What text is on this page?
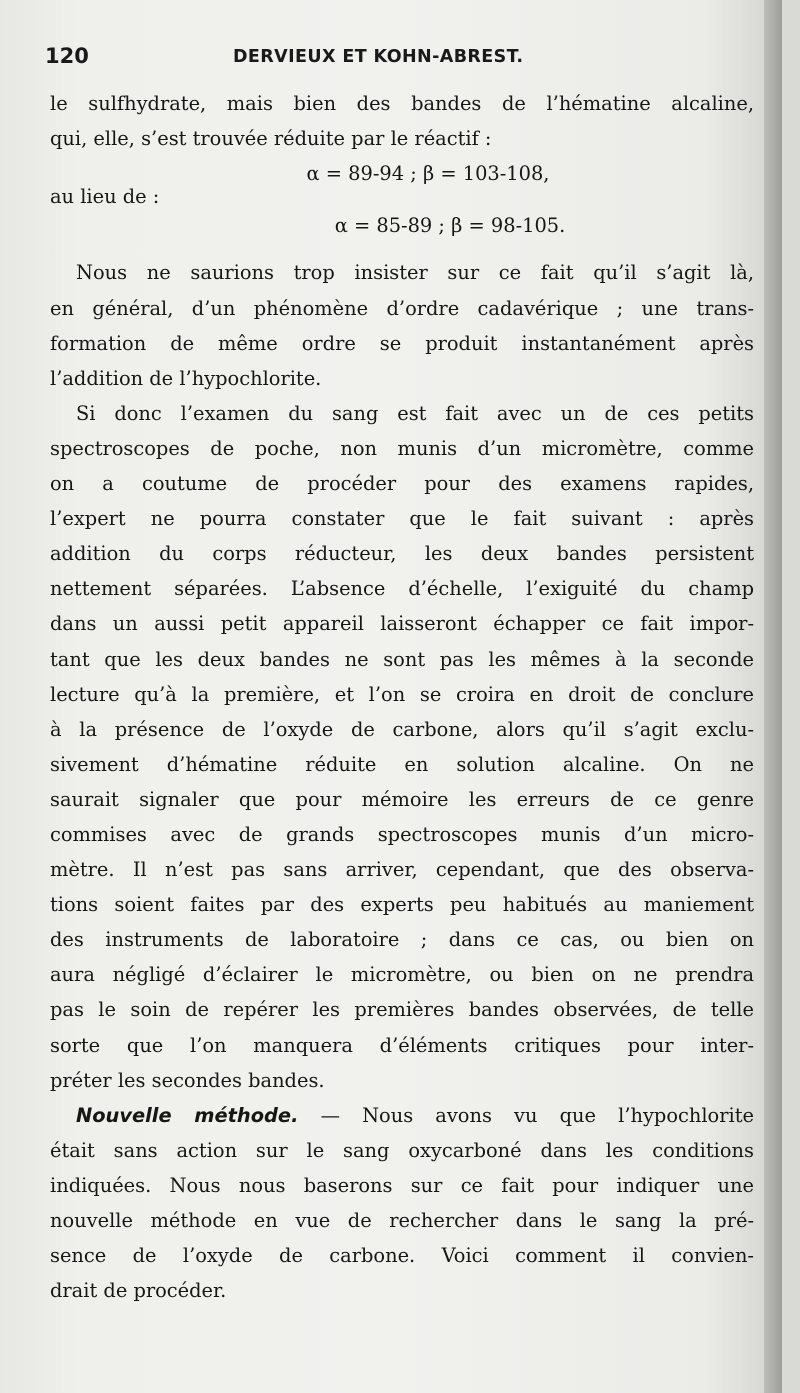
120	DERVIEUX ET KOHN-ABREST.
le sulfhydrate, mais bien des bandes de l’hématine alcaline,
qui, elle, s’est trouvée réduite par le réactif :
α = 89-94 ; β = 103-108,
au lieu de :
α = 85-89 ; β = 98-105.
Nous ne saurions trop insister sur ce fait qu’il s’agit là,
en général, d’un phénomène d’ordre cadavérique ; une trans-
formation de même ordre se produit instantanément après
l’addition de l’hypochlorite.
Si donc l’examen du sang est fait avec un de ces petits
spectroscopes de poche, non munis d’un micromètre, comme
on a coutume de procéder pour des examens rapides,
l’expert ne pourra constater que le fait suivant : après
addition du corps réducteur, les deux bandes persistent
nettement séparées. L’absence d’échelle, l’exiguité du champ
dans un aussi petit appareil laisseront échapper ce fait impor-
tant que les deux bandes ne sont pas les mêmes à la seconde
lecture qu’à la première, et l’on se croira en droit de conclure
à la présence de l’oxyde de carbone, alors qu’il s’agit exclu-
sivement d’hématine réduite en solution alcaline. On ne
saurait signaler que pour mémoire les erreurs de ce genre
commises avec de grands spectroscopes munis d’un micro-
mètre. Il n’est pas sans arriver, cependant, que des observa-
tions soient faites par des experts peu habitués au maniement
des instruments de laboratoire ; dans ce cas, ou bien on
aura négligé d’éclairer le micromètre, ou bien on ne prendra
pas le soin de repérer les premières bandes observées, de telle
sorte que l’on manquera d’éléments critiques pour inter-
préter les secondes bandes.
Nouvelle méthode. — Nous avons vu que l’hypochlorite
était sans action sur le sang oxycarboné dans les conditions
indiquées. Nous nous baserons sur ce fait pour indiquer une
nouvelle méthode en vue de rechercher dans le sang la pré-
sence de l’oxyde de carbone. Voici comment il convien-
drait de procéder.
